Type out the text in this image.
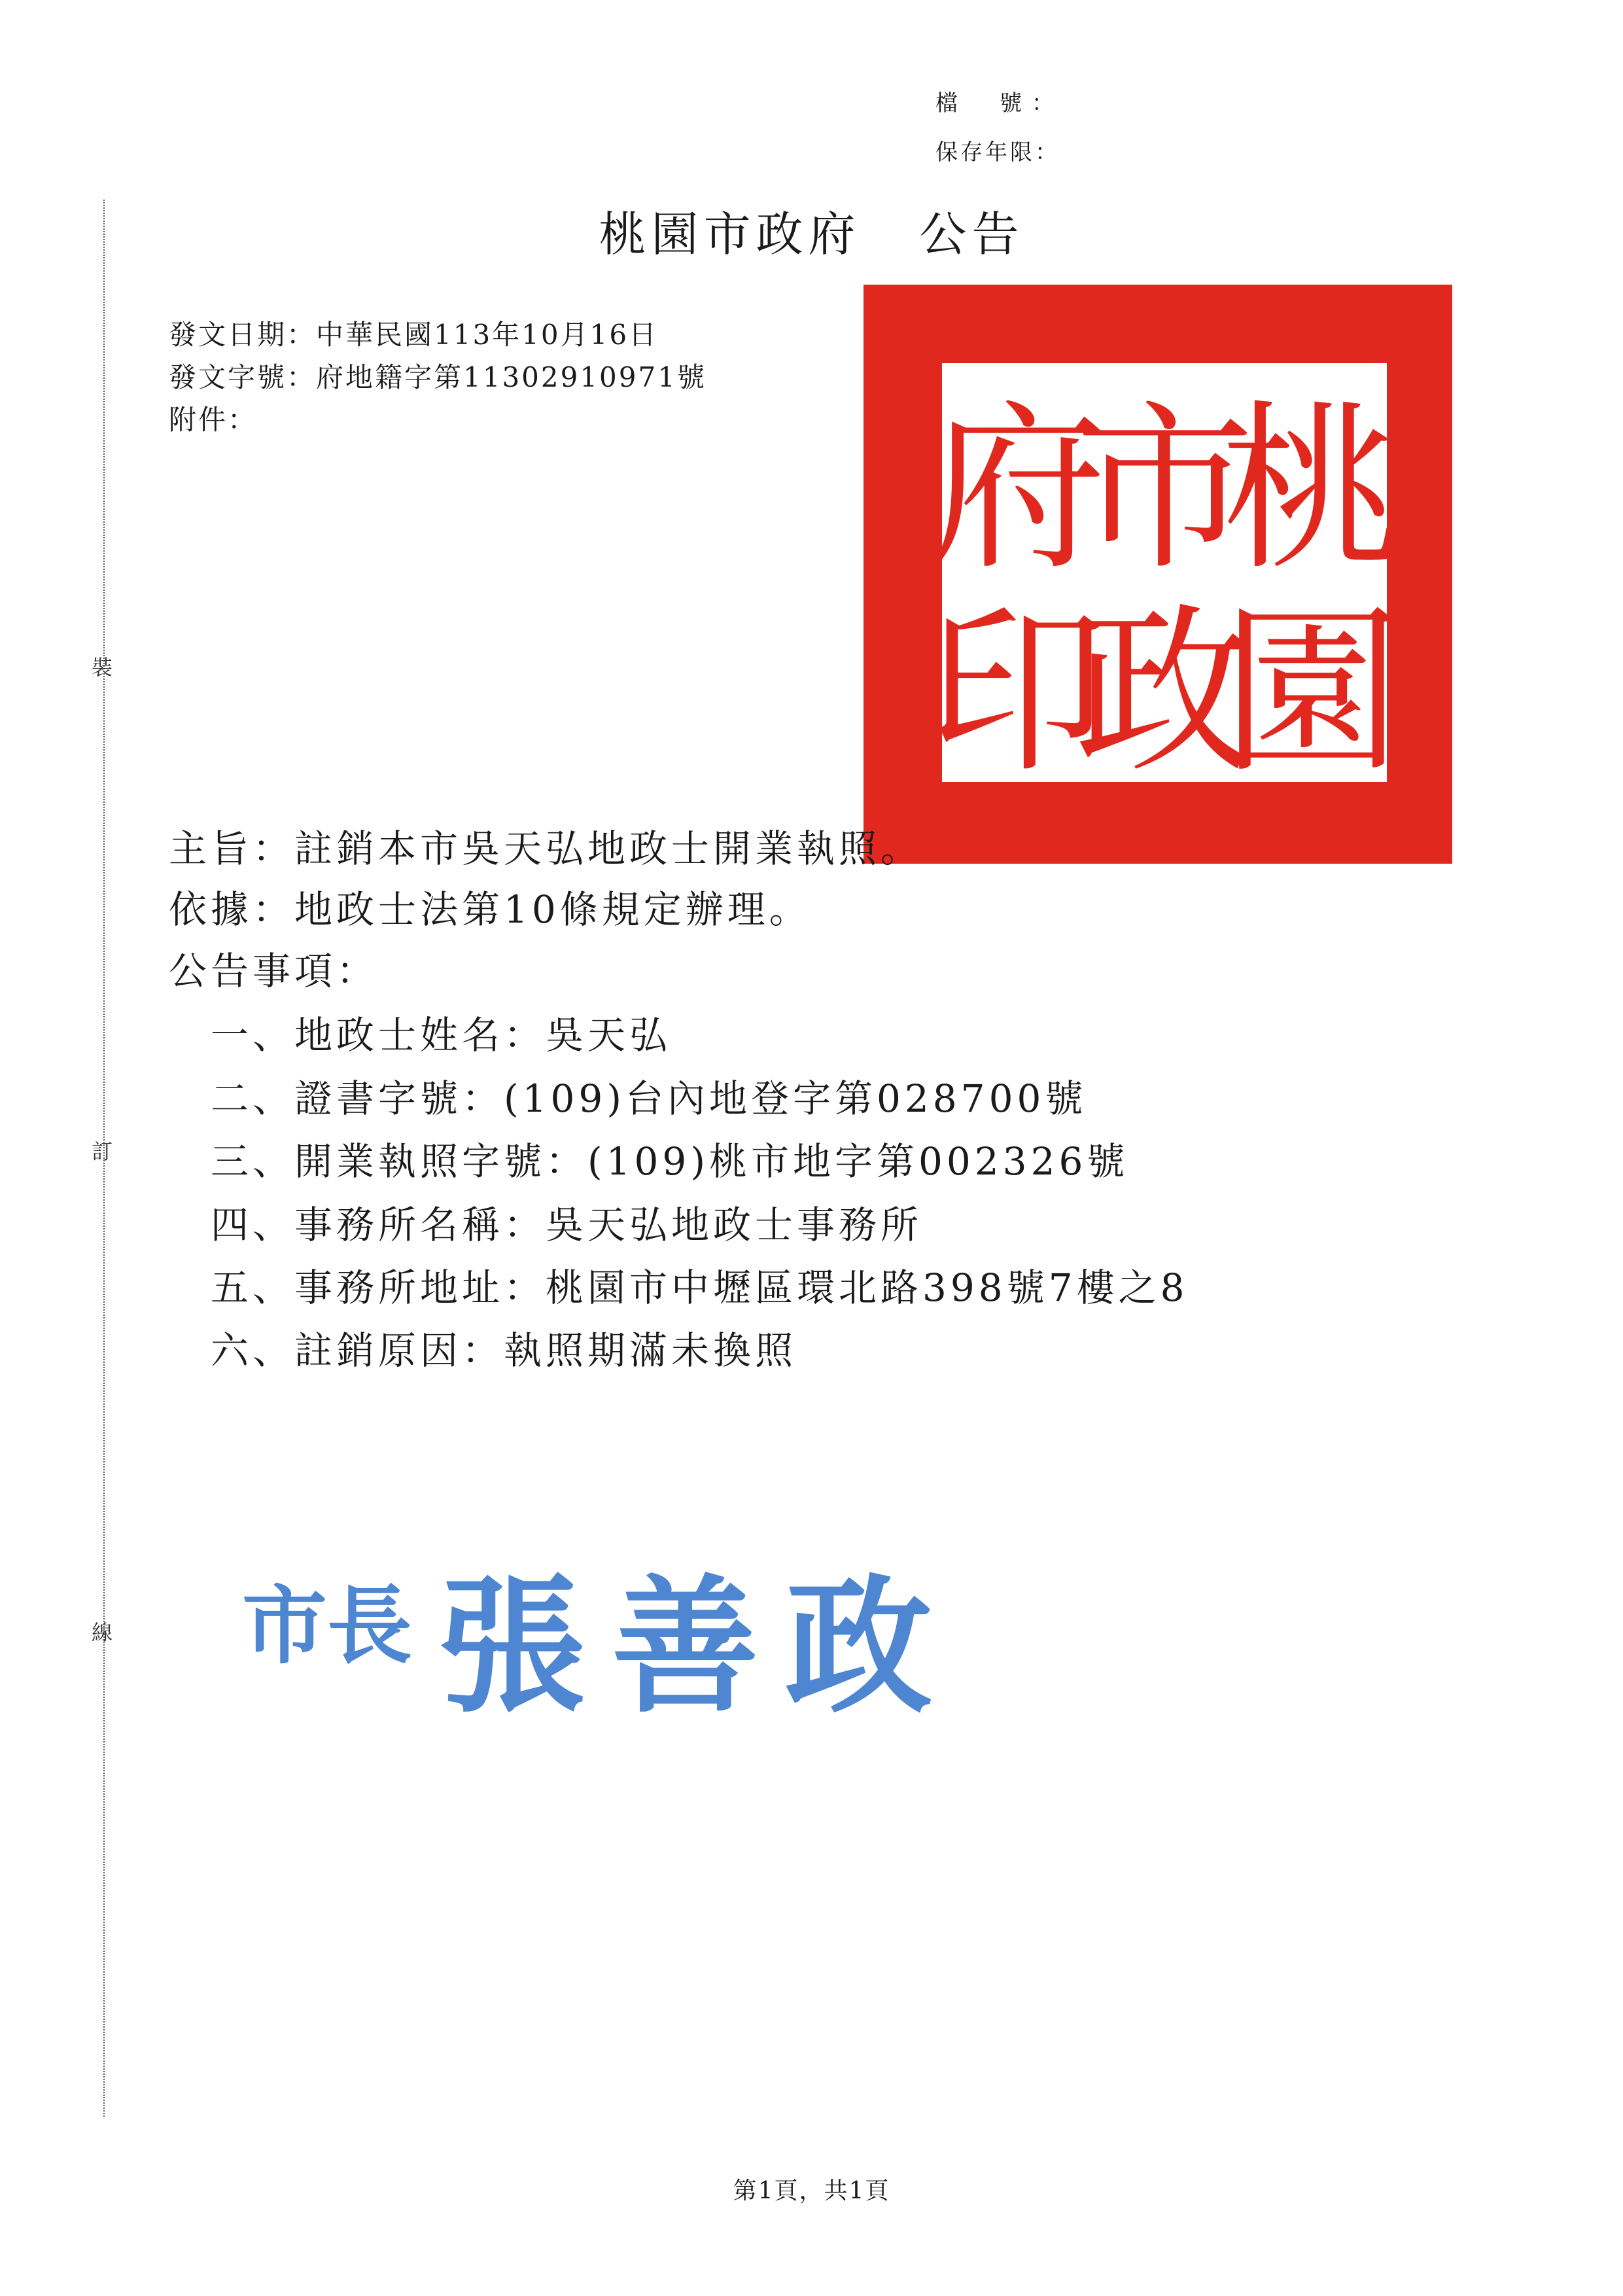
檔　號：
保存年限：
桃園市政府 公告
發文日期：中華民國113年10月16日
發文字號：府地籍字第11302910971號
附件：
裝
訂
線
桃
園
市
政
府
印
主旨：註銷本市吳天弘地政士開業執照。
依據：地政士法第10條規定辦理。
公告事項：
一、地政士姓名：吳天弘
二、證書字號：(109)台內地登字第028700號
三、開業執照字號：(109)桃市地字第002326號
四、事務所名稱：吳天弘地政士事務所
五、事務所地址：桃園市中壢區環北路398號7樓之8
六、註銷原因：執照期滿未換照
市長 張善政
第1頁，共1頁
